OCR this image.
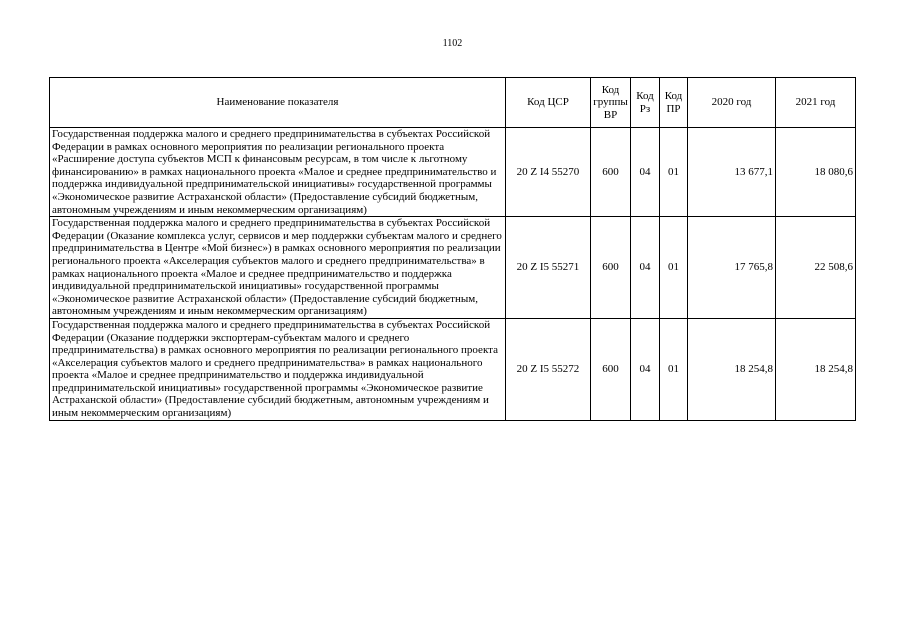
1102
Наименование показателя	Код ЦСР	Код группы ВР	Код Рз	Код ПР	2020 год	2021 год
Государственная поддержка малого и среднего предпринимательства в субъектах Российской Федерации в рамках основного мероприятия по реализации регионального проекта «Расширение доступа субъектов МСП к финансовым ресурсам, в том числе к льготному финансированию» в рамках национального проекта «Малое и среднее предпринимательство и поддержка индивидуальной предпринимательской инициативы» государственной программы «Экономическое развитие Астраханской области» (Предоставление субсидий бюджетным, автономным учреждениям и иным некоммерческим организациям)	20 Z I4 55270	600	04	01	13 677,1	18 080,6
Государственная поддержка малого и среднего предпринимательства в субъектах Российской Федерации (Оказание комплекса услуг, сервисов и мер поддержки субъектам малого и среднего предпринимательства в Центре «Мой бизнес») в рамках основного мероприятия по реализации регионального проекта «Акселерация субъектов малого и среднего предпринимательства» в рамках национального проекта «Малое и среднее предпринимательство и поддержка индивидуальной предпринимательской инициативы» государственной программы «Экономическое развитие Астраханской области» (Предоставление субсидий бюджетным, автономным учреждениям и иным некоммерческим организациям)	20 Z I5 55271	600	04	01	17 765,8	22 508,6
Государственная поддержка малого и среднего предпринимательства в субъектах Российской Федерации (Оказание поддержки экспортерам-субъектам малого и среднего предпринимательства) в рамках основного мероприятия по реализации регионального проекта «Акселерация субъектов малого и среднего предпринимательства» в рамках национального проекта «Малое и среднее предпринимательство и поддержка индивидуальной предпринимательской инициативы» государственной программы «Экономическое развитие Астраханской области» (Предоставление субсидий бюджетным, автономным учреждениям и иным некоммерческим организациям)	20 Z I5 55272	600	04	01	18 254,8	18 254,8
